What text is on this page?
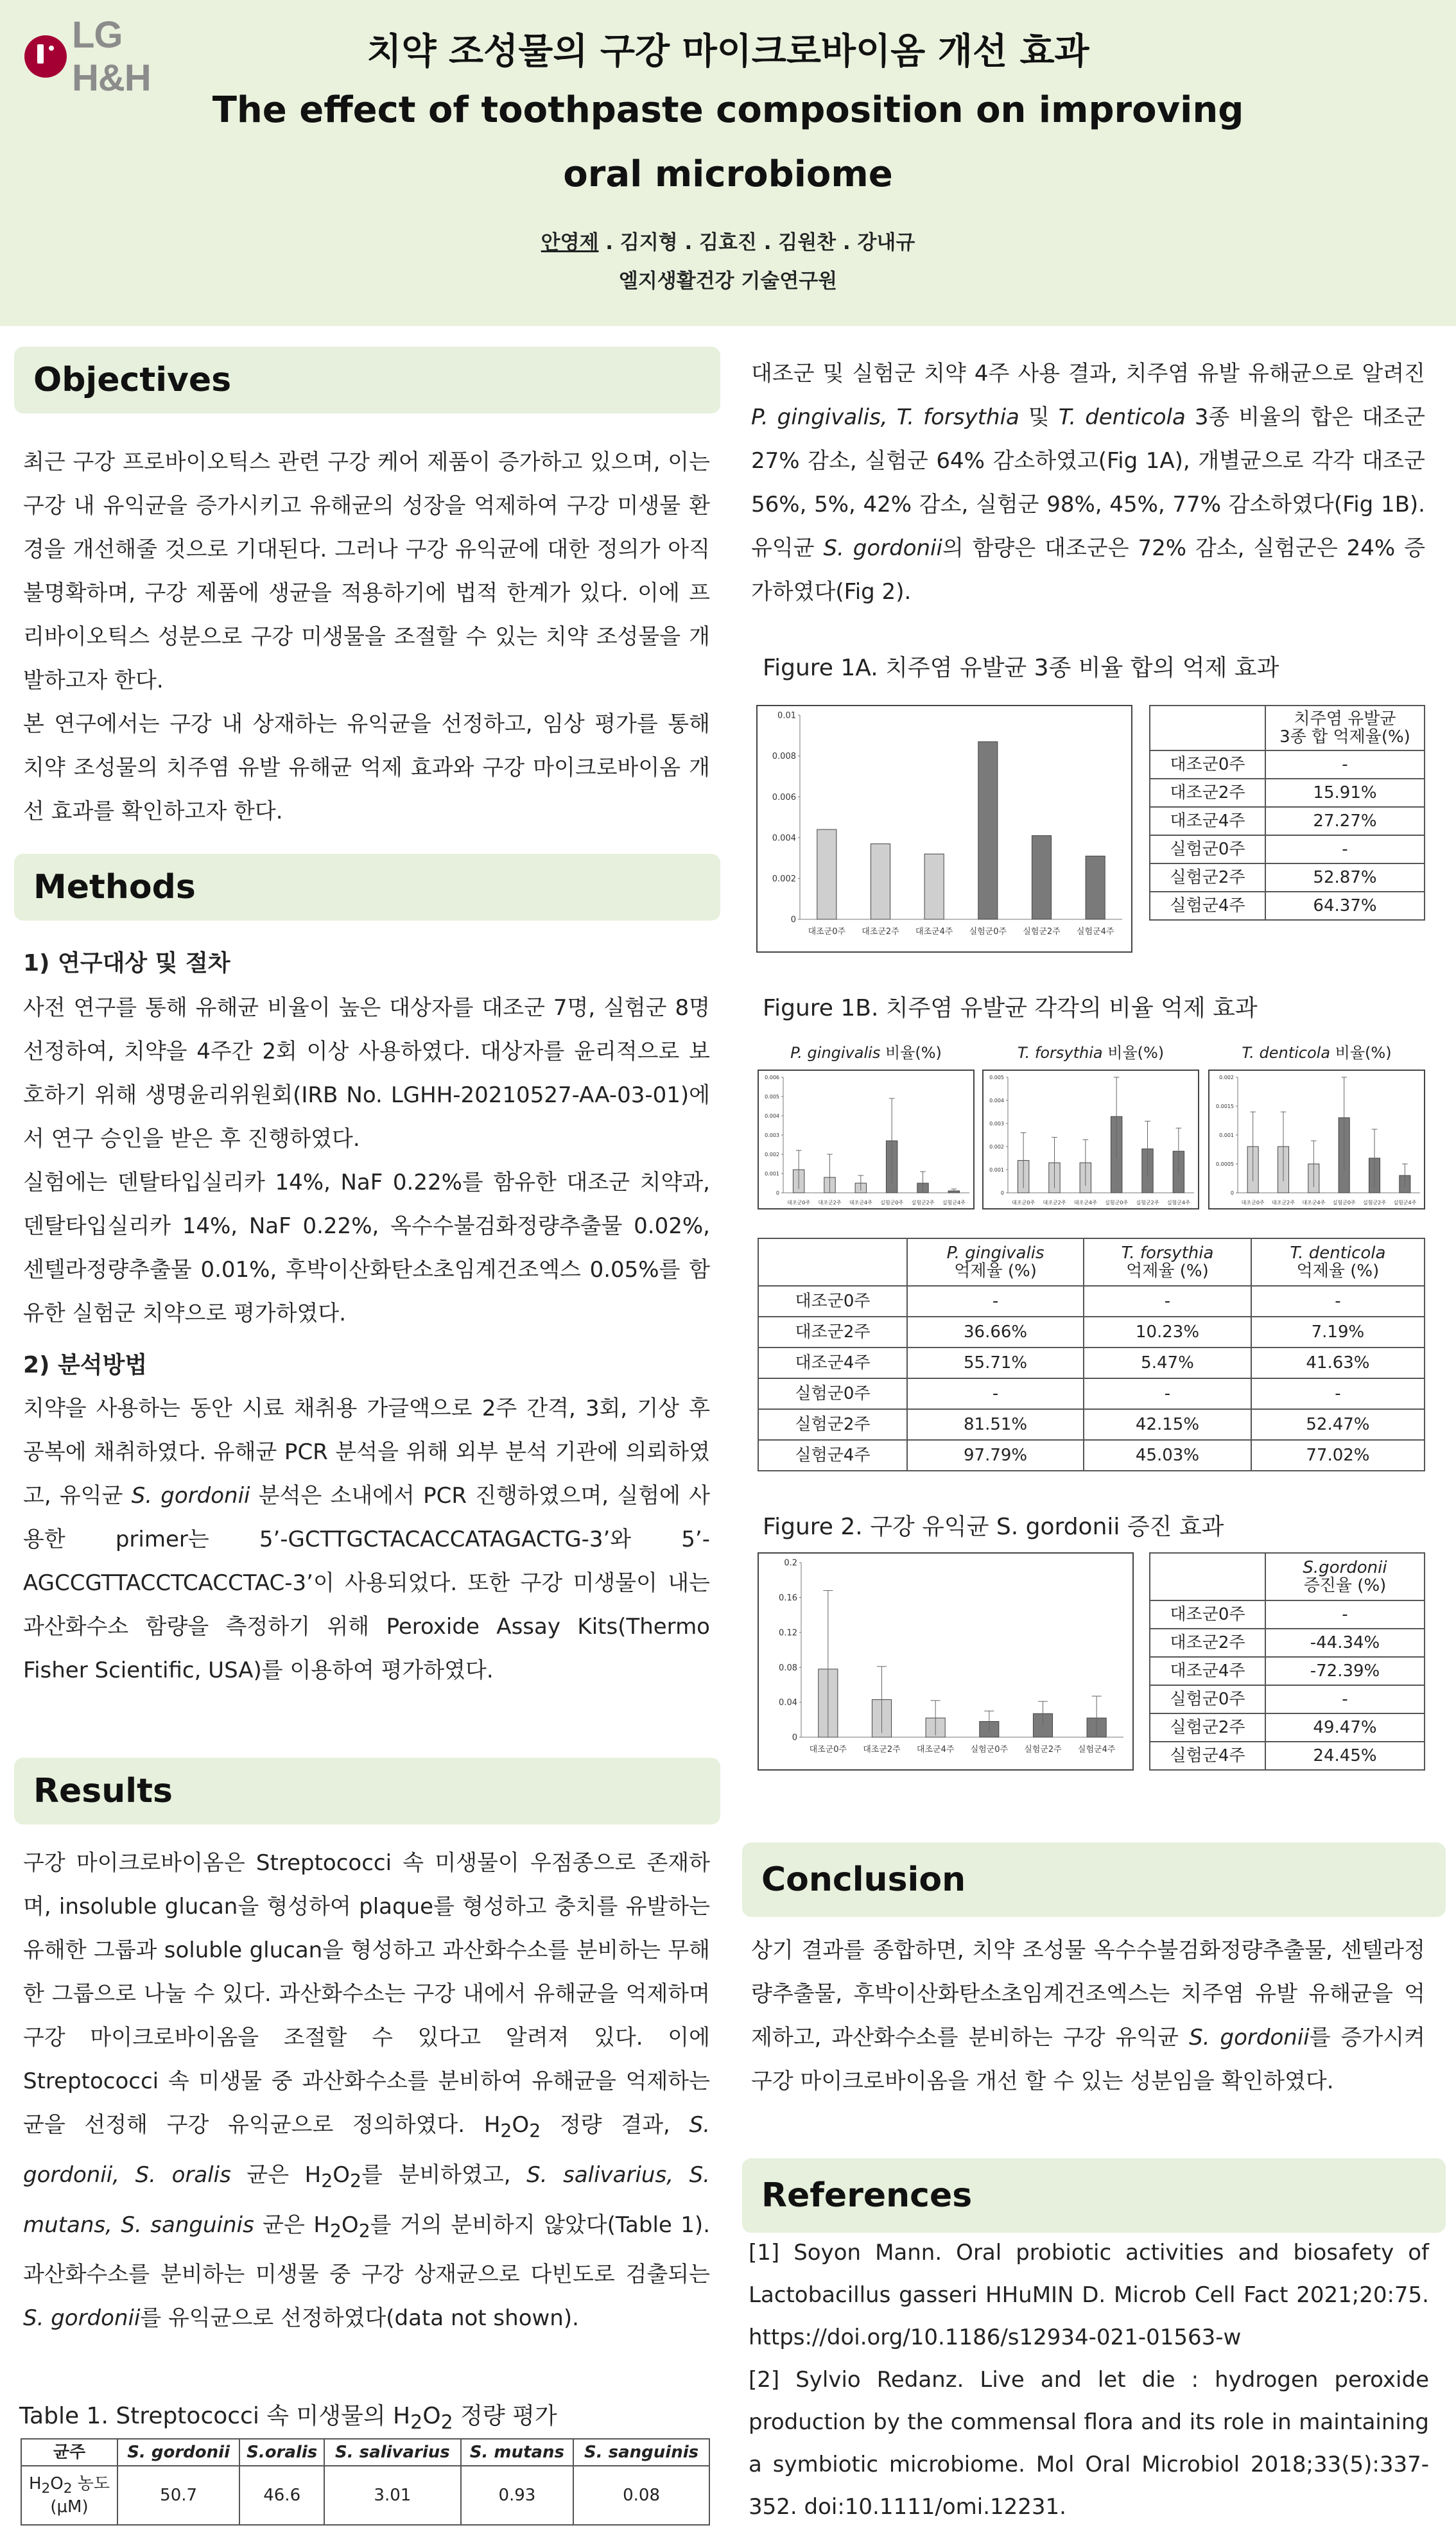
LG H&H
치약 조성물의 구강 마이크로바이옴 개선 효과
The effect of toothpaste composition on improving oral microbiome
안영제 . 김지형 . 김효진 . 김원찬 . 강내규
엘지생활건강 기술연구원
Objectives
최근 구강 프로바이오틱스 관련 구강 케어 제품이 증가하고 있으며, 이는 구강 내 유익균을 증가시키고 유해균의 성장을 억제하여 구강 미생물 환경을 개선해줄 것으로 기대된다. 그러나 구강 유익균에 대한 정의가 아직 불명확하며, 구강 제품에 생균을 적용하기에 법적 한계가 있다. 이에 프리바이오틱스 성분으로 구강 미생물을 조절할 수 있는 치약 조성물을 개발하고자 한다.
본 연구에서는 구강 내 상재하는 유익균을 선정하고, 임상 평가를 통해 치약 조성물의 치주염 유발 유해균 억제 효과와 구강 마이크로바이옴 개선 효과를 확인하고자 한다.
Methods
1) 연구대상 및 절차
사전 연구를 통해 유해균 비율이 높은 대상자를 대조군 7명, 실험군 8명 선정하여, 치약을 4주간 2회 이상 사용하였다. 대상자를 윤리적으로 보호하기 위해 생명윤리위원회(IRB No. LGHH-20210527-AA-03-01)에서 연구 승인을 받은 후 진행하였다.
실험에는 덴탈타입실리카 14%, NaF 0.22%를 함유한 대조군 치약과, 덴탈타입실리카 14%, NaF 0.22%, 옥수수불검화정량추출물 0.02%, 센텔라정량추출물 0.01%, 후박이산화탄소초임계건조엑스 0.05%를 함유한 실험군 치약으로 평가하였다.
2) 분석방법
치약을 사용하는 동안 시료 채취용 가글액으로 2주 간격, 3회, 기상 후 공복에 채취하였다. 유해균 PCR 분석을 위해 외부 분석 기관에 의뢰하였고, 유익균 S. gordonii 분석은 소내에서 PCR 진행하였으며, 실험에 사용한 primer는 5’-GCTTGCTACACCATAGACTG-3’와 5’-AGCCGTTACCTCACCTAC-3’이 사용되었다. 또한 구강 미생물이 내는 과산화수소 함량을 측정하기 위해 Peroxide Assay Kits(Thermo Fisher Scientific, USA)를 이용하여 평가하였다.
Results
구강 마이크로바이옴은 Streptococci 속 미생물이 우점종으로 존재하며, insoluble glucan을 형성하여 plaque를 형성하고 충치를 유발하는 유해한 그룹과 soluble glucan을 형성하고 과산화수소를 분비하는 무해한 그룹으로 나눌 수 있다. 과산화수소는 구강 내에서 유해균을 억제하며 구강 마이크로바이옴을 조절할 수 있다고 알려져 있다. 이에 Streptococci 속 미생물 중 과산화수소를 분비하여 유해균을 억제하는 균을 선정해 구강 유익균으로 정의하였다. $H_2O_2$ 정량 결과, S. gordonii, S. oralis 균은 $H_2O_2$를 분비하였고, S. salivarius, S. mutans, S. sanguinis 균은 $H_2O_2$를 거의 분비하지 않았다(Table 1). 과산화수소를 분비하는 미생물 중 구강 상재균으로 다빈도로 검출되는 S. gordonii를 유익균으로 선정하였다(data not shown).
Table 1. Streptococci 속 미생물의 $H_2O_2$ 정량 평가
균주	S. gordonii	S.oralis	S. salivarius	S. mutans	S. sanguinis
$H_2O_2$ 농도
(μM)	50.7	46.6	3.01	0.93	0.08
대조군 및 실험군 치약 4주 사용 결과, 치주염 유발 유해균으로 알려진 P. gingivalis, T. forsythia 및 T. denticola 3종 비율의 합은 대조군 27% 감소, 실험군 64% 감소하였고(Fig 1A), 개별균으로 각각 대조군 56%, 5%, 42% 감소, 실험군 98%, 45%, 77% 감소하였다(Fig 1B). 유익균 S. gordonii의 함량은 대조군은 72% 감소, 실험군은 24% 증가하였다(Fig 2).
Figure 1A. 치주염 유발균 3종 비율 합의 억제 효과
0
0.002
0.004
0.006
0.008
0.01
대조군0주 대조군2주 대조군4주 실험군0주 실험군2주 실험군4주
	치주염 유발균
3종 합 억제율(%)
대조군0주	-
대조군2주	15.91%
대조군4주	27.27%
실험군0주	-
실험군2주	52.87%
실험군4주	64.37%
Figure 1B. 치주염 유발균 각각의 비율 억제 효과
P. gingivalis 비율(%)	T. forsythia 비율(%)	T. denticola 비율(%)
0
0.001
0.002
0.003
0.004
0.005
0.006
대조군0주 대조군2주 대조군4주 실험군0주 실험군2주 실험군4주
0
0.001
0.002
0.003
0.004
0.005
대조군0주 대조군2주 대조군4주 실험군0주 실험군2주 실험군4주
0
0.0005
0.001
0.0015
0.002
대조군0주 대조군2주 대조군4주 실험군0주 실험군2주 실험군4주
	P. gingivalis
억제율 (%)	T. forsythia
억제율 (%)	T. denticola
억제율 (%)
대조군0주	-	-	-
대조군2주	36.66%	10.23%	7.19%
대조군4주	55.71%	5.47%	41.63%
실험군0주	-	-	-
실험군2주	81.51%	42.15%	52.47%
실험군4주	97.79%	45.03%	77.02%
Figure 2. 구강 유익균 S. gordonii 증진 효과
0
0.04
0.08
0.12
0.16
0.2
대조군0주 대조군2주 대조군4주 실험군0주 실험군2주 실험군4주
	S.gordonii
증진율 (%)
대조군0주	-
대조군2주	-44.34%
대조군4주	-72.39%
실험군0주	-
실험군2주	49.47%
실험군4주	24.45%
Conclusion
상기 결과를 종합하면, 치약 조성물 옥수수불검화정량추출물, 센텔라정량추출물, 후박이산화탄소초임계건조엑스는 치주염 유발 유해균을 억제하고, 과산화수소를 분비하는 구강 유익균 S. gordonii를 증가시켜 구강 마이크로바이옴을 개선 할 수 있는 성분임을 확인하였다.
References
[1] Soyon Mann. Oral probiotic activities and biosafety of Lactobacillus gasseri HHuMIN D. Microb Cell Fact 2021;20:75. https://doi.org/10.1186/s12934-021-01563-w
[2] Sylvio Redanz. Live and let die : hydrogen peroxide production by the commensal flora and its role in maintaining a symbiotic microbiome. Mol Oral Microbiol 2018;33(5):337-352. doi:10.1111/omi.12231.
